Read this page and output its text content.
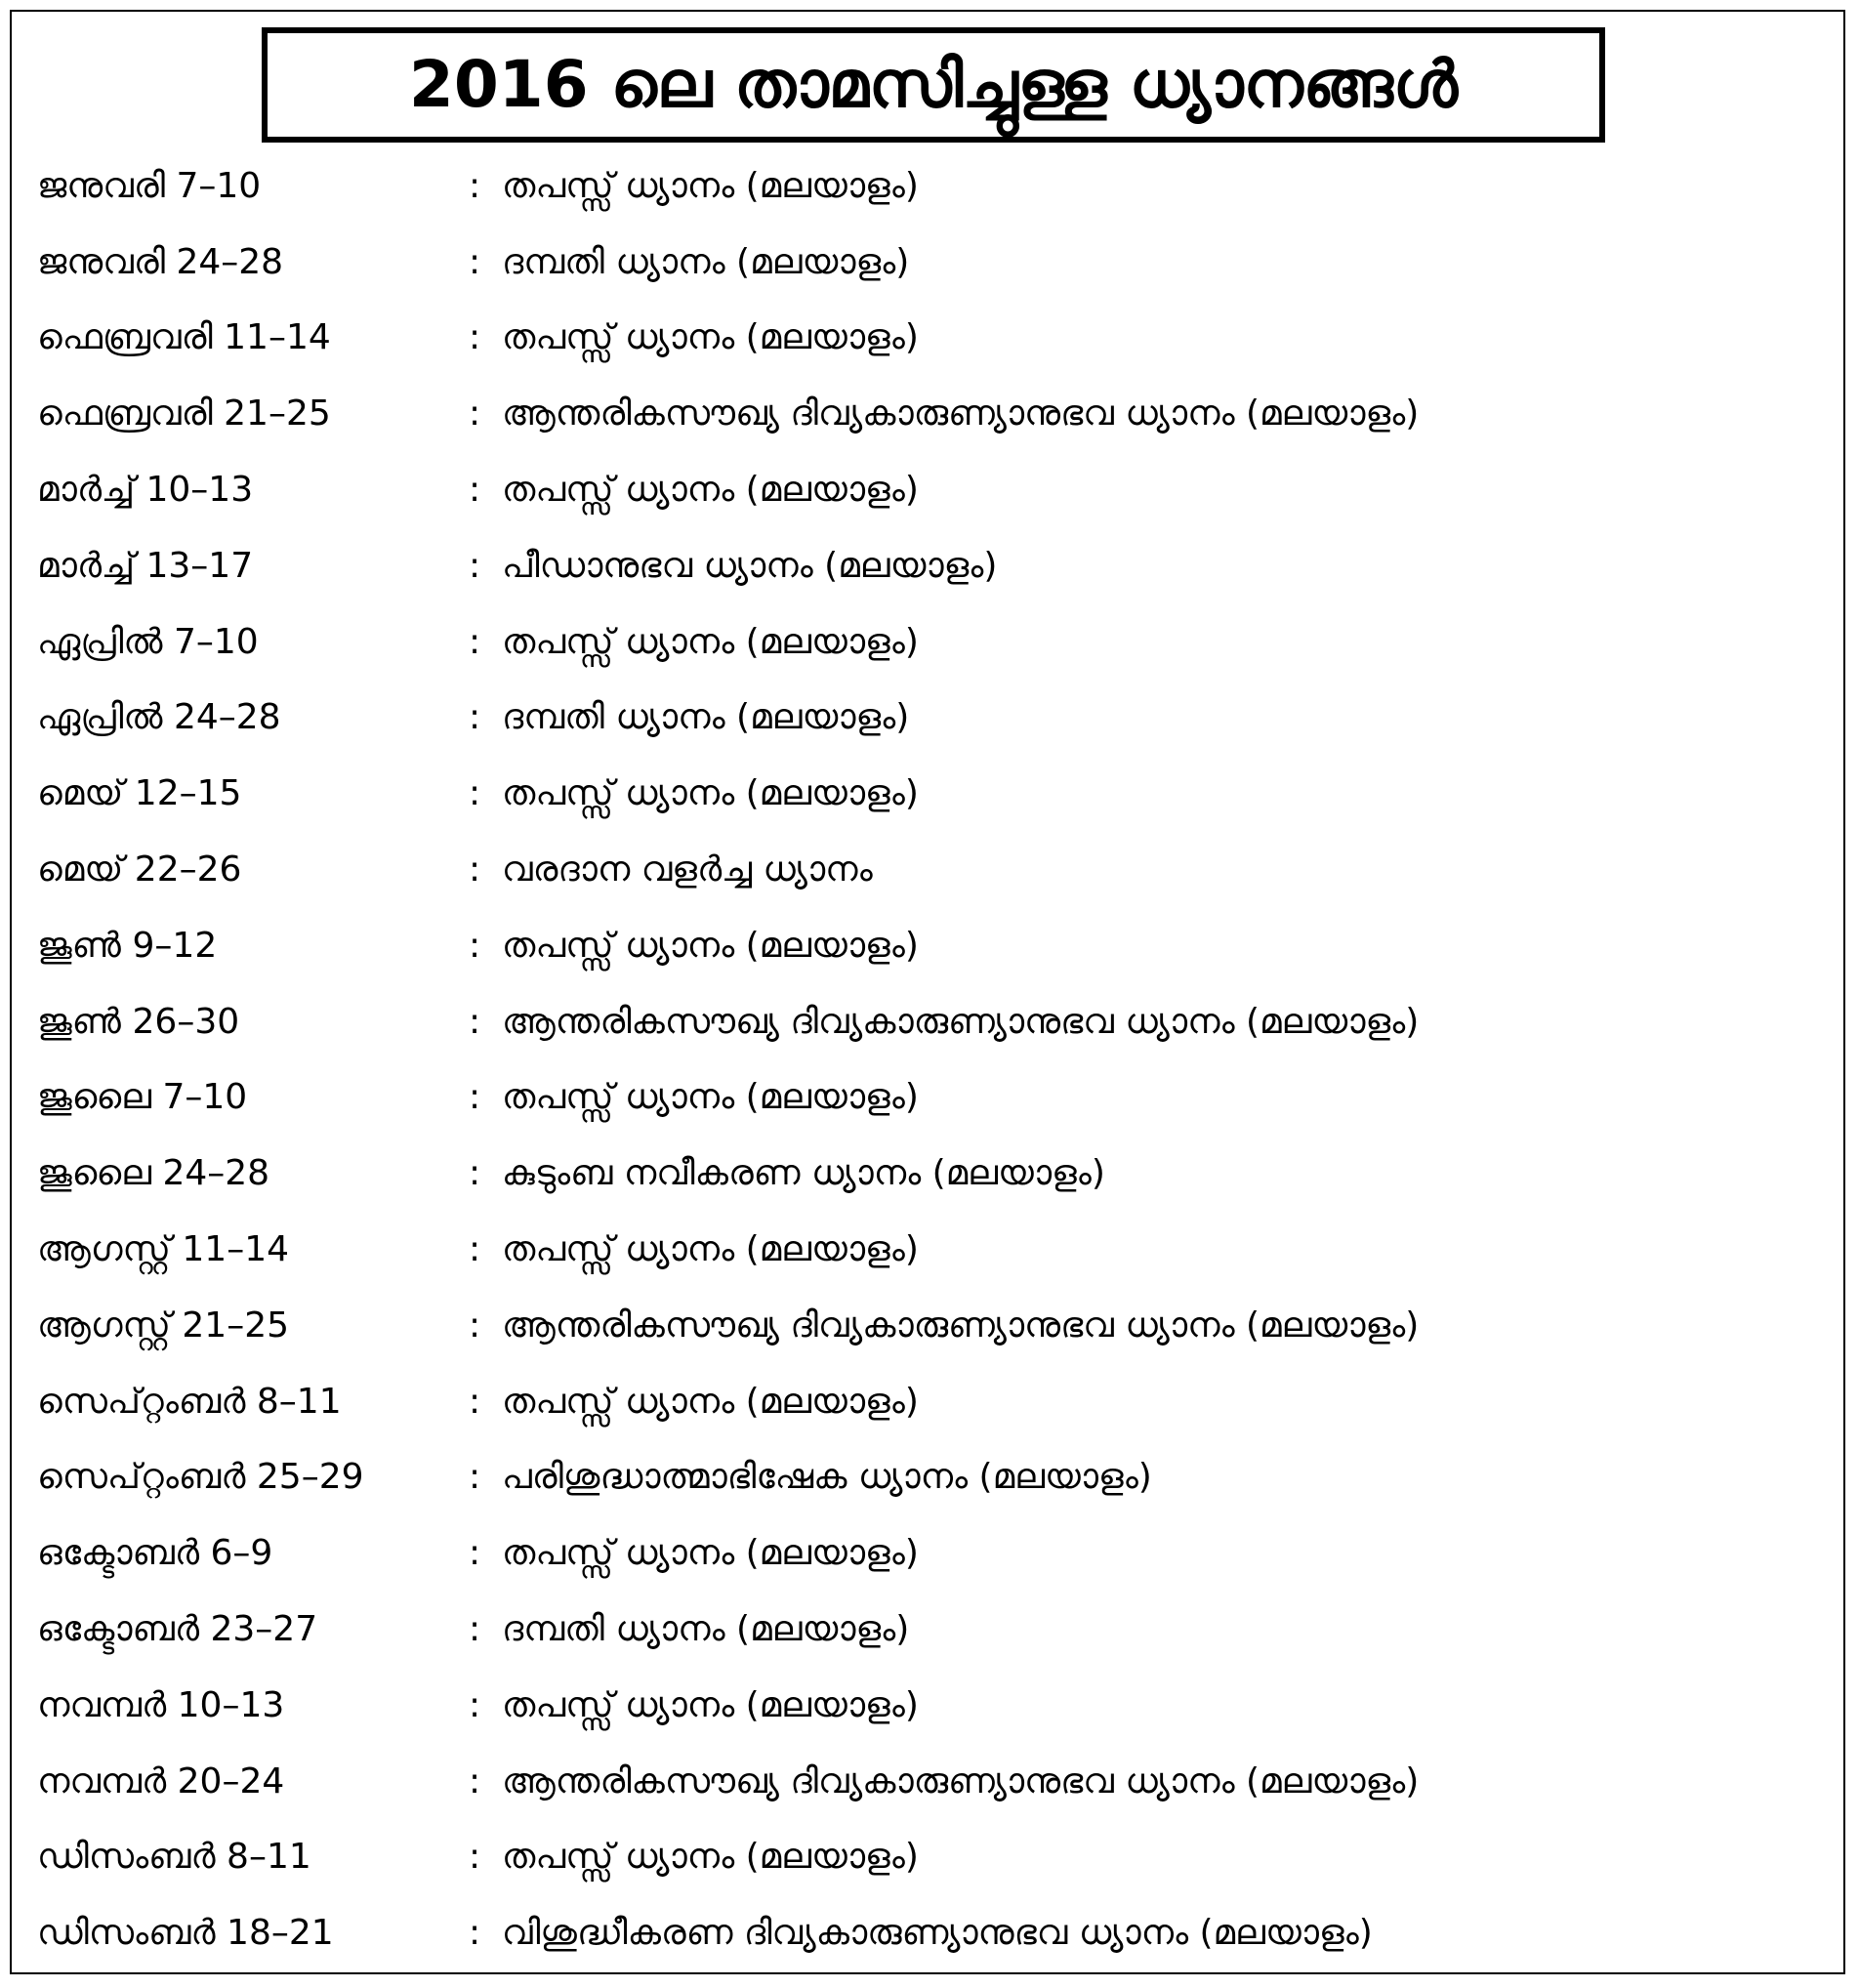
2016 ലെ താമസിച്ചുള്ള ധ്യാനങ്ങൾ
ജനുവരി 7–10	: തപസ്സ് ധ്യാനം (മലയാളം)
ജനുവരി 24–28	: ദമ്പതി ധ്യാനം (മലയാളം)
ഫെബ്രവരി 11–14	: തപസ്സ് ധ്യാനം (മലയാളം)
ഫെബ്രവരി 21–25	: ആന്തരികസൗഖ്യ ദിവ്യകാരുണ്യാനുഭവ ധ്യാനം (മലയാളം)
മാർച്ച് 10–13	: തപസ്സ് ധ്യാനം (മലയാളം)
മാർച്ച് 13–17	: പീഡാനുഭവ ധ്യാനം (മലയാളം)
ഏപ്രിൽ 7–10	: തപസ്സ് ധ്യാനം (മലയാളം)
ഏപ്രിൽ 24–28	: ദമ്പതി ധ്യാനം (മലയാളം)
മെയ് 12–15	: തപസ്സ് ധ്യാനം (മലയാളം)
മെയ് 22–26	: വരദാന വളർച്ച ധ്യാനം
ജൂൺ 9–12	: തപസ്സ് ധ്യാനം (മലയാളം)
ജൂൺ 26–30	: ആന്തരികസൗഖ്യ ദിവ്യകാരുണ്യാനുഭവ ധ്യാനം (മലയാളം)
ജൂലൈ 7–10	: തപസ്സ് ധ്യാനം (മലയാളം)
ജൂലൈ 24–28	: കുടുംബ നവീകരണ ധ്യാനം (മലയാളം)
ആഗസ്റ്റ് 11–14	: തപസ്സ് ധ്യാനം (മലയാളം)
ആഗസ്റ്റ് 21–25	: ആന്തരികസൗഖ്യ ദിവ്യകാരുണ്യാനുഭവ ധ്യാനം (മലയാളം)
സെപ്റ്റംബർ 8–11	: തപസ്സ് ധ്യാനം (മലയാളം)
സെപ്റ്റംബർ 25–29	: പരിശുദ്ധാത്മാഭിഷേക ധ്യാനം (മലയാളം)
ഒക്ടോബർ 6–9	: തപസ്സ് ധ്യാനം (മലയാളം)
ഒക്ടോബർ 23–27	: ദമ്പതി ധ്യാനം (മലയാളം)
നവമ്പർ 10–13	: തപസ്സ് ധ്യാനം (മലയാളം)
നവമ്പർ 20–24	: ആന്തരികസൗഖ്യ ദിവ്യകാരുണ്യാനുഭവ ധ്യാനം (മലയാളം)
ഡിസംബർ 8–11	: തപസ്സ് ധ്യാനം (മലയാളം)
ഡിസംബർ 18–21	: വിശുദ്ധീകരണ ദിവ്യകാരുണ്യാനുഭവ ധ്യാനം (മലയാളം)
